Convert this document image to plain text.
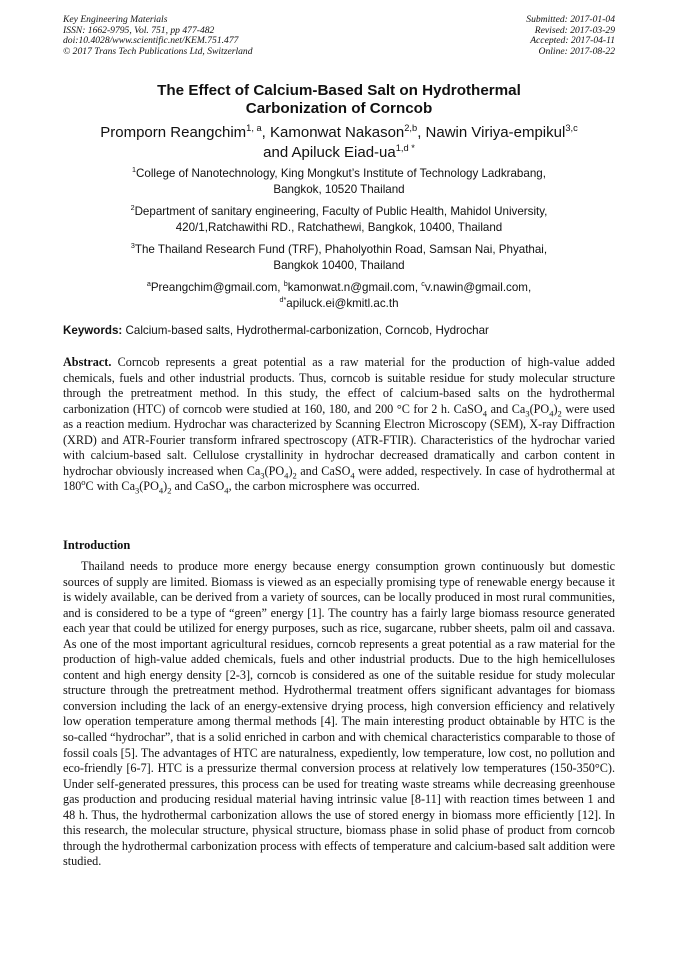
Key Engineering Materials
ISSN: 1662-9795, Vol. 751, pp 477-482
doi:10.4028/www.scientific.net/KEM.751.477
© 2017 Trans Tech Publications Ltd, Switzerland
Submitted: 2017-01-04
Revised: 2017-03-29
Accepted: 2017-04-11
Online: 2017-08-22
The Effect of Calcium-Based Salt on Hydrothermal
Carbonization of Corncob
Promporn Reangchim$^{1, a}$, Kamonwat Nakason$^{2,b}$, Nawin Viriya-empikul$^{3,c}$
and Apiluck Eiad-$ua^{1,d *}$
$^1$College of Nanotechnology, King Mongkut’s Institute of Technology Ladkrabang,
Bangkok, 10520 Thailand
$^2$Department of sanitary engineering, Faculty of Public Health, Mahidol University,
420/1,Ratchawithi RD., Ratchathewi, Bangkok, 10400, Thailand
$^3$The Thailand Research Fund (TRF), Phaholyothin Road, Samsan Nai, Phyathai,
Bangkok 10400, Thailand
$^a$Preangchim@gmail.com, $^b$kamonwat.n@gmail.com, $^c$v.nawin@gmail.com,
$^{d*}$apiluck.ei@kmitl.ac.th
Keywords: Calcium-based salts, Hydrothermal-carbonization, Corncob, Hydrochar

Abstract. Corncob represents a great potential as a raw material for the production of high-value added chemicals, fuels and other industrial products. Thus, corncob is suitable residue for study molecular structure through the pretreatment method. In this study, the effect of calcium-based salts on the hydrothermal carbonization (HTC) of corncob were studied at 160, 180, and 200 °C for 2 h. CaSO$_4$ and $Ca_3(PO_4)_2$ were used as a reaction medium. Hydrochar was characterized by Scanning Electron Microscopy (SEM), X-ray Diffraction (XRD) and ATR-Fourier transform infrared spectroscopy (ATR-FTIR). Characteristics of the hydrochar varied with calcium-based salt. Cellulose crystallinity in hydrochar decreased dramatically and carbon content in hydrochar obviously increased when $Ca_3(PO_4)_2$ and CaSO$_4$ were added, respectively. In case of hydrothermal at 180$^o$C with $Ca_3(PO_4)_2$ and CaSO$_4$, the carbon microsphere was occurred.

Introduction

Thailand needs to produce more energy because energy consumption grown continuously but domestic sources of supply are limited. Biomass is viewed as an especially promising type of renewable energy because it is widely available, can be derived from a variety of sources, can be locally produced in most rural communities, and is considered to be a type of “green” energy [1]. The country has a fairly large biomass resource generated each year that could be utilized for energy purposes, such as rice, sugarcane, rubber sheets, palm oil and cassava. As one of the most important agricultural residues, corncob represents a great potential as a raw material for the production of high-value added chemicals, fuels and other industrial products. Due to the high hemicelluloses content and high energy density [2-3], corncob is considered as one of the suitable residue for study molecular structure through the pretreatment method. Hydrothermal treatment offers significant advantages for biomass conversion including the lack of an energy-extensive drying process, high conversion efficiency and relatively low operation temperature among thermal methods [4]. The main interesting product obtainable by HTC is the so-called “hydrochar”, that is a solid enriched in carbon and with chemical characteristics comparable to those of fossil coals [5]. The advantages of HTC are naturalness, expediently, low temperature, low cost, no pollution and eco-friendly [6-7]. HTC is a pressurize thermal conversion process at relatively low temperatures (150-350°C). Under self-generated pressures, this process can be used for treating waste streams while decreasing greenhouse gas production and producing residual material having intrinsic value [8-11] with reaction times between 1 and 48 h. Thus, the hydrothermal carbonization allows the use of stored energy in biomass more efficiently [12]. In this research, the molecular structure, physical structure, biomass phase in solid phase of product from corncob through the hydrothermal carbonization process with effects of temperature and calcium-based salt addition were studied.
